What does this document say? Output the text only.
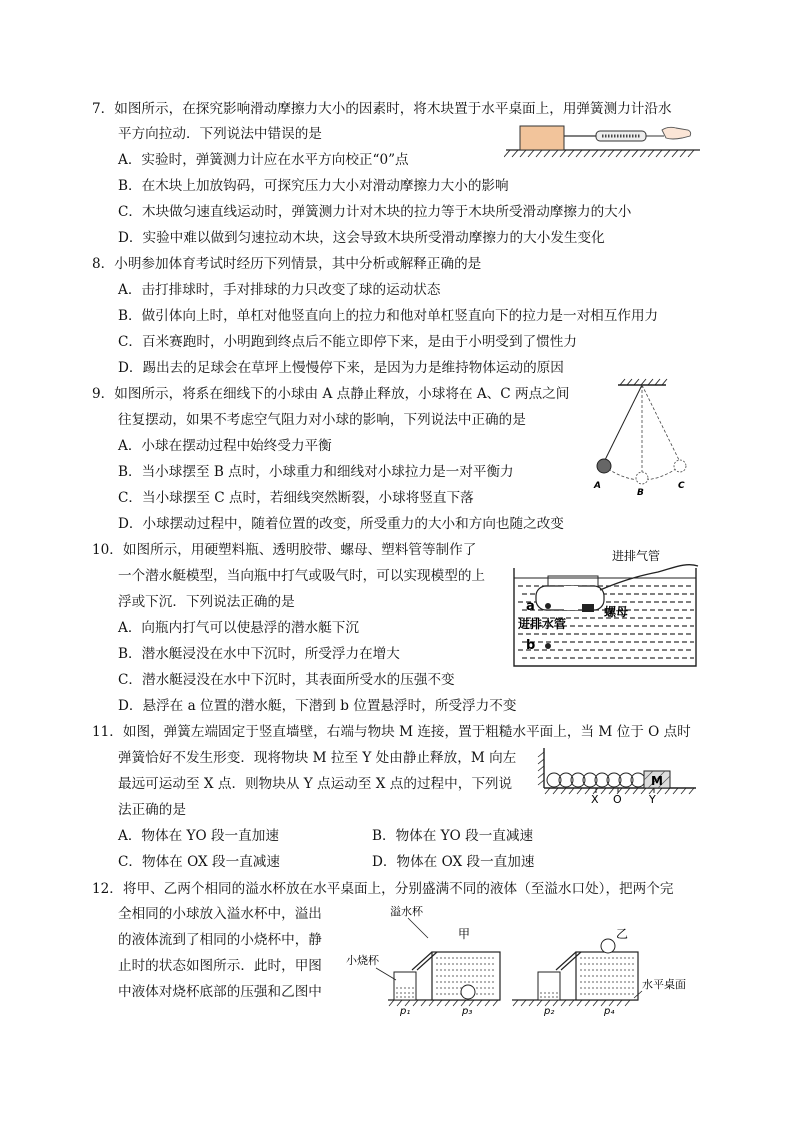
7．如图所示，在探究影响滑动摩擦力大小的因素时，将木块置于水平桌面上，用弹簧测力计沿水
平方向拉动．下列说法中错误的是
A．实验时，弹簧测力计应在水平方向校正“0”点
B．在木块上加放钩码，可探究压力大小对滑动摩擦力大小的影响
C．木块做匀速直线运动时，弹簧测力计对木块的拉力等于木块所受滑动摩擦力的大小
D．实验中难以做到匀速拉动木块，这会导致木块所受滑动摩擦力的大小发生变化
8．小明参加体育考试时经历下列情景，其中分析或解释正确的是
A．击打排球时，手对排球的力只改变了球的运动状态
B．做引体向上时，单杠对他竖直向上的拉力和他对单杠竖直向下的拉力是一对相互作用力
C．百米赛跑时，小明跑到终点后不能立即停下来，是由于小明受到了惯性力
D．踢出去的足球会在草坪上慢慢停下来，是因为力是维持物体运动的原因
9．如图所示，将系在细线下的小球由 A 点静止释放，小球将在 A、C 两点之间
往复摆动，如果不考虑空气阻力对小球的影响，下列说法中正确的是
A．小球在摆动过程中始终受力平衡
B．当小球摆至 B 点时，小球重力和细线对小球拉力是一对平衡力
C．当小球摆至 C 点时，若细线突然断裂，小球将竖直下落
D．小球摆动过程中，随着位置的改变，所受重力的大小和方向也随之改变
A
B
C
10．如图所示，用硬塑料瓶、透明胶带、螺母、塑料管等制作了
一个潜水艇模型，当向瓶中打气或吸气时，可以实现模型的上
浮或下沉．下列说法正确的是
A．向瓶内打气可以使悬浮的潜水艇下沉
B．潜水艇浸没在水中下沉时，所受浮力在增大
C．潜水艇浸没在水中下沉时，其表面所受水的压强不变
D．悬浮在 a 位置的潜水艇，下潜到 b 位置悬浮时，所受浮力不变
进排气管
进排水管
螺母
a
b
11．如图，弹簧左端固定于竖直墙壁，右端与物块 M 连接，置于粗糙水平面上，当 M 位于 O 点时
弹簧恰好不发生形变．现将物块 M 拉至 Y 处由静止释放，M 向左
最远可运动至 X 点．则物块从 Y 点运动至 X 点的过程中，下列说
法正确的是
A．物体在 YO 段一直加速	B．物体在 YO 段一直减速
C．物体在 OX 段一直减速	D．物体在 OX 段一直加速
M
X O Y
12．将甲、乙两个相同的溢水杯放在水平桌面上，分别盛满不同的液体（至溢水口处），把两个完
全相同的小球放入溢水杯中，溢出
的液体流到了相同的小烧杯中，静
止时的状态如图所示．此时，甲图
中液体对烧杯底部的压强和乙图中
甲	乙
溢水杯
小烧杯
水平桌面
p₁	p₃	p₂	p₄
